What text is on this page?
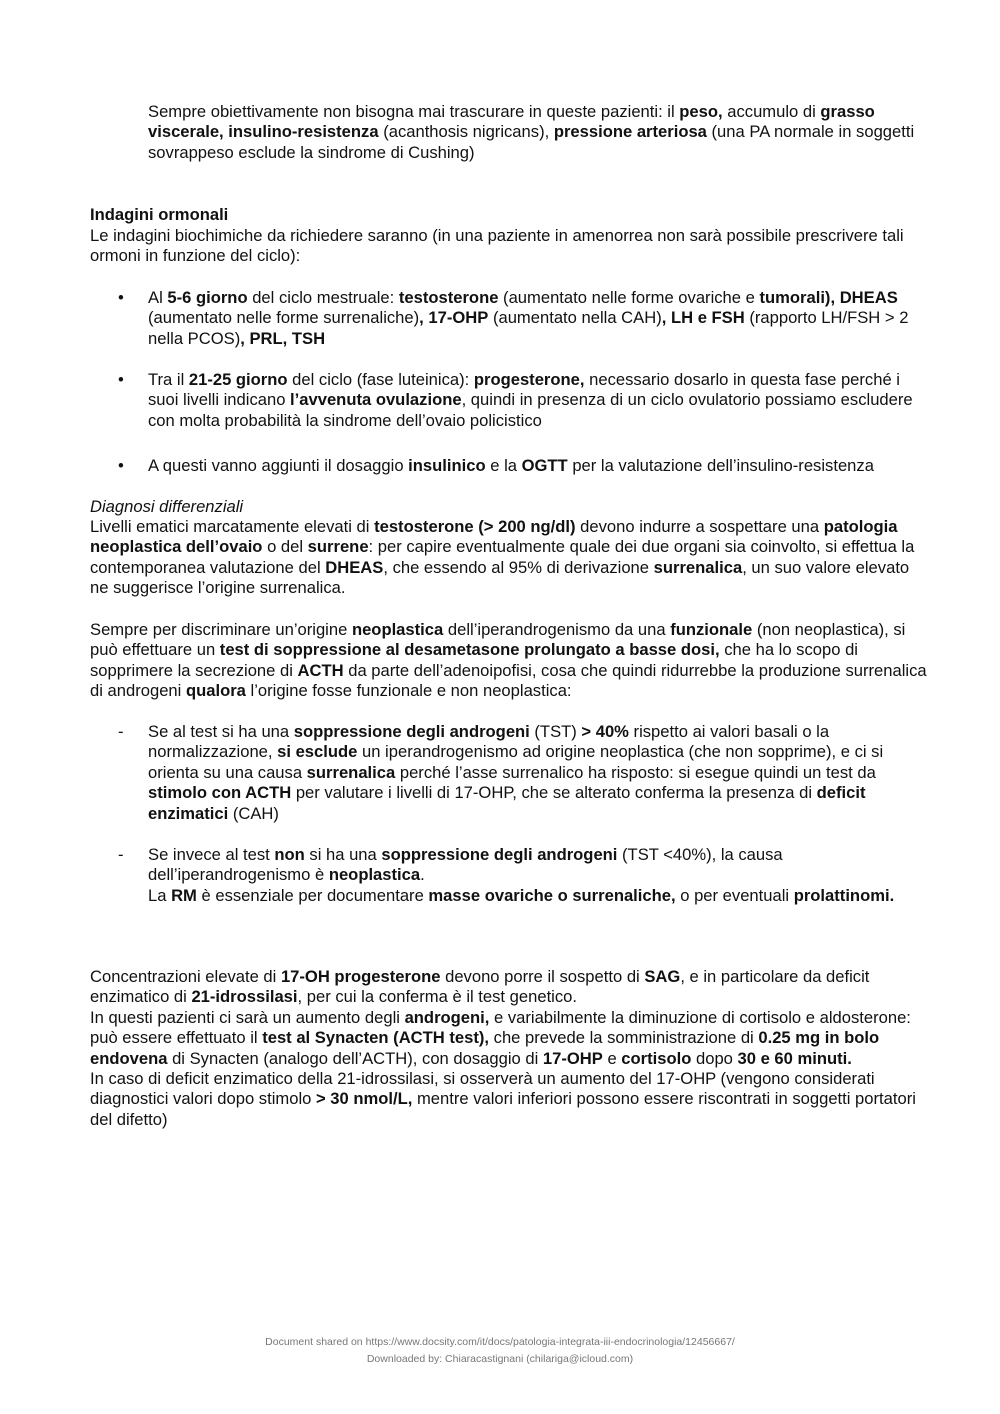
Sempre obiettivamente non bisogna mai trascurare in queste pazienti: il peso, accumulo di grasso viscerale, insulino-resistenza (acanthosis nigricans), pressione arteriosa (una PA normale in soggetti sovrappeso esclude la sindrome di Cushing)

Indagini ormonali

Le indagini biochimiche da richiedere saranno (in una paziente in amenorrea non sarà possibile prescrivere tali ormoni in funzione del ciclo):

•	Al 5-6 giorno del ciclo mestruale: testosterone (aumentato nelle forme ovariche e tumorali), DHEAS (aumentato nelle forme surrenaliche), 17-OHP (aumentato nella CAH), LH e FSH (rapporto LH/FSH > 2 nella PCOS), PRL, TSH

•	Tra il 21-25 giorno del ciclo (fase luteinica): progesterone, necessario dosarlo in questa fase perché i suoi livelli indicano l’avvenuta ovulazione, quindi in presenza di un ciclo ovulatorio possiamo escludere con molta probabilità la sindrome dell’ovaio policistico

•	A questi vanno aggiunti il dosaggio insulinico e la OGTT per la valutazione dell’insulino-resistenza

Diagnosi differenziali

Livelli ematici marcatamente elevati di testosterone (> 200 ng/dl) devono indurre a sospettare una patologia neoplastica dell’ovaio o del surrene: per capire eventualmente quale dei due organi sia coinvolto, si effettua la contemporanea valutazione del DHEAS, che essendo al 95% di derivazione surrenalica, un suo valore elevato ne suggerisce l’origine surrenalica.

Sempre per discriminare un’origine neoplastica dell’iperandrogenismo da una funzionale (non neoplastica), si può effettuare un test di soppressione al desametasone prolungato a basse dosi, che ha lo scopo di sopprimere la secrezione di ACTH da parte dell’adenoipofisi, cosa che quindi ridurrebbe la produzione surrenalica di androgeni qualora l’origine fosse funzionale e non neoplastica:

-	Se al test si ha una soppressione degli androgeni (TST) > 40% rispetto ai valori basali o la normalizzazione, si esclude un iperandrogenismo ad origine neoplastica (che non sopprime), e ci si orienta su una causa surrenalica perché l’asse surrenalico ha risposto: si esegue quindi un test da stimolo con ACTH per valutare i livelli di 17-OHP, che se alterato conferma la presenza di deficit enzimatici (CAH)

-	Se invece al test non si ha una soppressione degli androgeni (TST <40%), la causa dell’iperandrogenismo è neoplastica.
La RM è essenziale per documentare masse ovariche o surrenaliche, o per eventuali prolattinomi.

Concentrazioni elevate di 17-OH progesterone devono porre il sospetto di SAG, e in particolare da deficit enzimatico di 21-idrossilasi, per cui la conferma è il test genetico.
In questi pazienti ci sarà un aumento degli androgeni, e variabilmente la diminuzione di cortisolo e aldosterone: può essere effettuato il test al Synacten (ACTH test), che prevede la somministrazione di 0.25 mg in bolo endovena di Synacten (analogo dell’ACTH), con dosaggio di 17-OHP e cortisolo dopo 30 e 60 minuti.
In caso di deficit enzimatico della 21-idrossilasi, si osserverà un aumento del 17-OHP (vengono considerati diagnostici valori dopo stimolo > 30 nmol/L, mentre valori inferiori possono essere riscontrati in soggetti portatori del difetto)

Document shared on https://www.docsity.com/it/docs/patologia-integrata-iii-endocrinologia/12456667/
Downloaded by: Chiaracastignani (chilariga@icloud.com)
